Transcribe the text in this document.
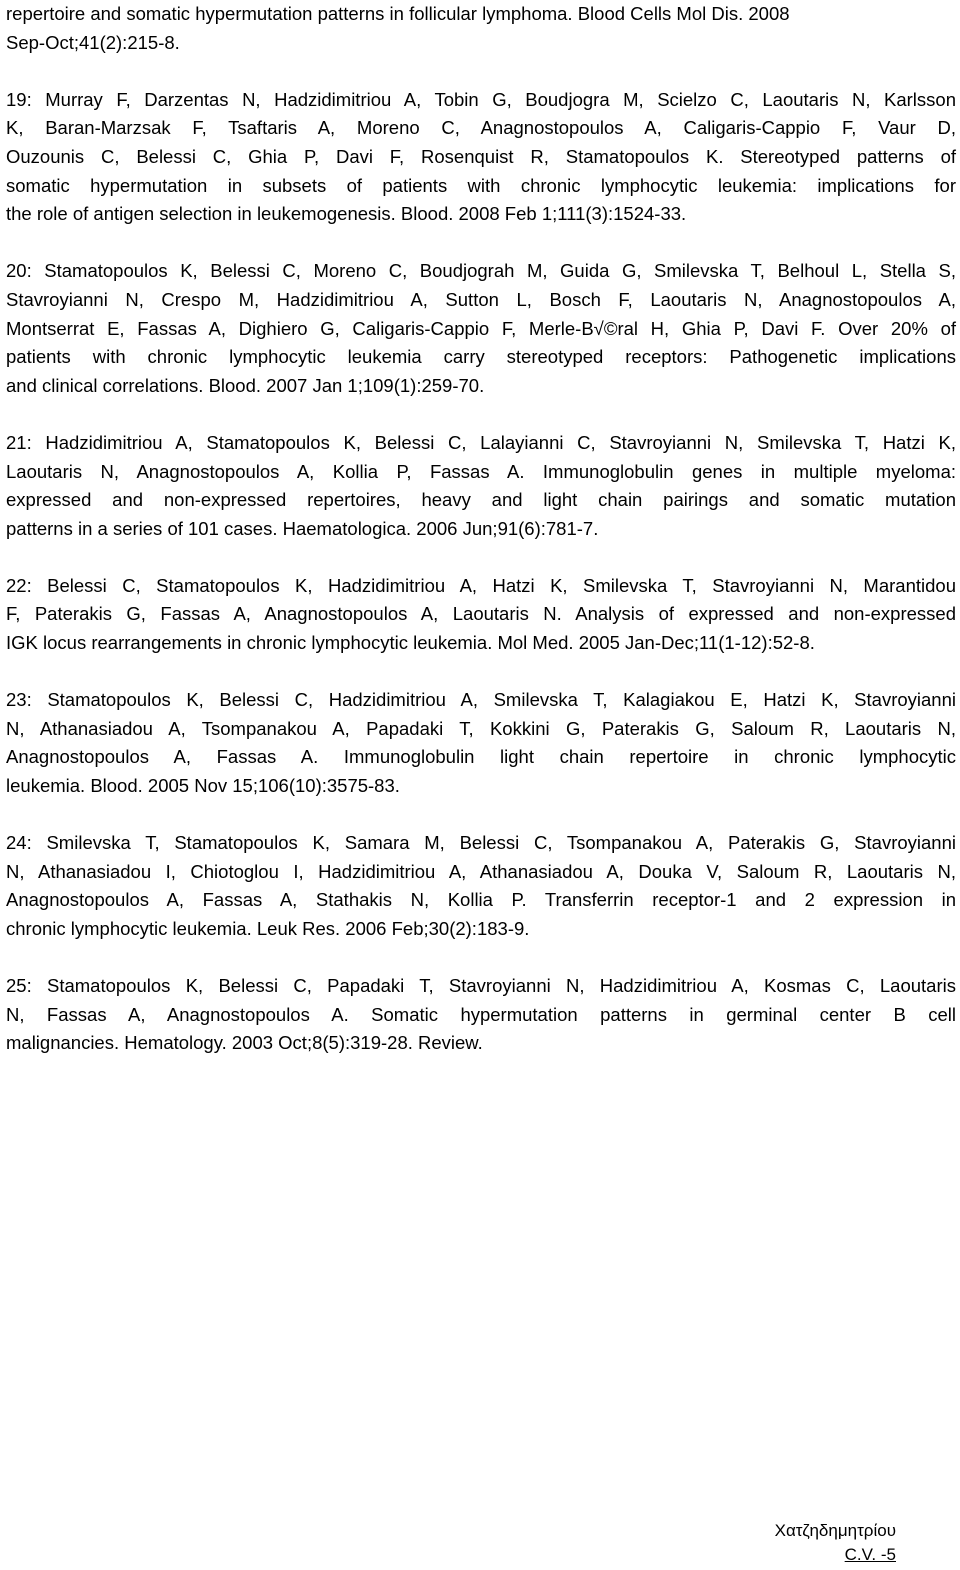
repertoire and somatic hypermutation patterns in follicular lymphoma. Blood Cells Mol Dis. 2008
Sep-Oct;41(2):215-8.
19: Murray F, Darzentas N, Hadzidimitriou A, Tobin G, Boudjogra M, Scielzo C, Laoutaris N, Karlsson
K, Baran-Marzsak F, Tsaftaris A, Moreno C, Anagnostopoulos A, Caligaris-Cappio F, Vaur D,
Ouzounis C, Belessi C, Ghia P, Davi F, Rosenquist R, Stamatopoulos K. Stereotyped patterns of
somatic hypermutation in subsets of patients with chronic lymphocytic leukemia: implications for
the role of antigen selection in leukemogenesis. Blood. 2008 Feb 1;111(3):1524-33.
20: Stamatopoulos K, Belessi C, Moreno C, Boudjograh M, Guida G, Smilevska T, Belhoul L, Stella S,
Stavroyianni N, Crespo M, Hadzidimitriou A, Sutton L, Bosch F, Laoutaris N, Anagnostopoulos A,
Montserrat E, Fassas A, Dighiero G, Caligaris-Cappio F, Merle-B√©ral H, Ghia P, Davi F. Over 20% of
patients with chronic lymphocytic leukemia carry stereotyped receptors: Pathogenetic implications
and clinical correlations. Blood. 2007 Jan 1;109(1):259-70.
21: Hadzidimitriou A, Stamatopoulos K, Belessi C, Lalayianni C, Stavroyianni N, Smilevska T, Hatzi K,
Laoutaris N, Anagnostopoulos A, Kollia P, Fassas A. Immunoglobulin genes in multiple myeloma:
expressed and non-expressed repertoires, heavy and light chain pairings and somatic mutation
patterns in a series of 101 cases. Haematologica. 2006 Jun;91(6):781-7.
22: Belessi C, Stamatopoulos K, Hadzidimitriou A, Hatzi K, Smilevska T, Stavroyianni N, Marantidou
F, Paterakis G, Fassas A, Anagnostopoulos A, Laoutaris N. Analysis of expressed and non-expressed
IGK locus rearrangements in chronic lymphocytic leukemia. Mol Med. 2005 Jan-Dec;11(1-12):52-8.
23: Stamatopoulos K, Belessi C, Hadzidimitriou A, Smilevska T, Kalagiakou E, Hatzi K, Stavroyianni
N, Athanasiadou A, Tsompanakou A, Papadaki T, Kokkini G, Paterakis G, Saloum R, Laoutaris N,
Anagnostopoulos A, Fassas A. Immunoglobulin light chain repertoire in chronic lymphocytic
leukemia. Blood. 2005 Nov 15;106(10):3575-83.
24: Smilevska T, Stamatopoulos K, Samara M, Belessi C, Tsompanakou A, Paterakis G, Stavroyianni
N, Athanasiadou I, Chiotoglou I, Hadzidimitriou A, Athanasiadou A, Douka V, Saloum R, Laoutaris N,
Anagnostopoulos A, Fassas A, Stathakis N, Kollia P. Transferrin receptor-1 and 2 expression in
chronic lymphocytic leukemia. Leuk Res. 2006 Feb;30(2):183-9.
25: Stamatopoulos K, Belessi C, Papadaki T, Stavroyianni N, Hadzidimitriou A, Kosmas C, Laoutaris
N, Fassas A, Anagnostopoulos A. Somatic hypermutation patterns in germinal center B cell
malignancies. Hematology. 2003 Oct;8(5):319-28. Review.
Χατζηδημητρίου
C.V. -5
